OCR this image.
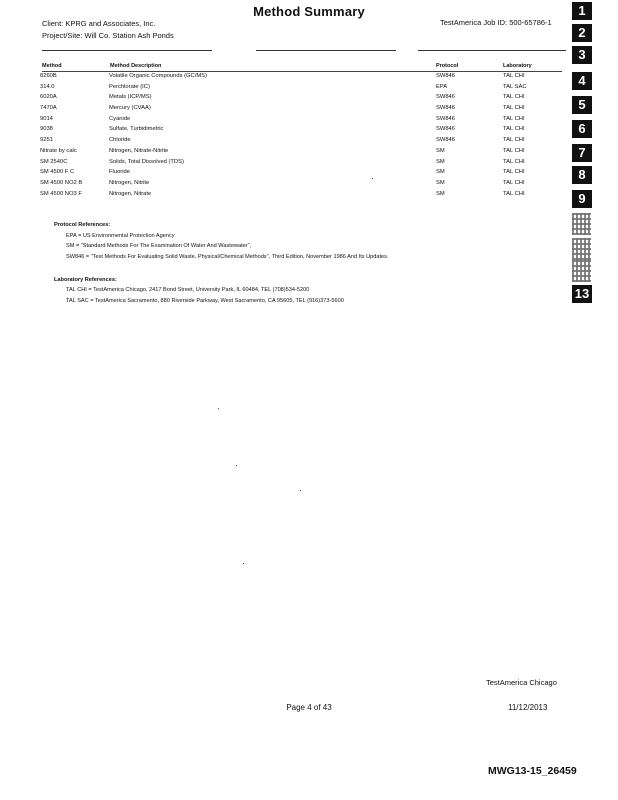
Method Summary
Client: KPRG and Associates, Inc.
Project/Site: Will Co. Station Ash Ponds
TestAmerica Job ID: 500-65786-1
Method	Method Description	Protocol	Laboratory
8260B	Volatile Organic Compounds (GC/MS)	SW846	TAL CHI
314.0	Perchlorate (IC)	EPA	TAL SAC
6020A	Metals (ICP/MS)	SW846	TAL CHI
7470A	Mercury (CVAA)	SW846	TAL CHI
9014	Cyanide	SW846	TAL CHI
9038	Sulfate, Turbidimetric	SW846	TAL CHI
9251	Chloride	SW846	TAL CHI
Nitrate by calc	Nitrogen, Nitrate-Nitrite	SM	TAL CHI
SM 2540C	Solids, Total Dissolved (TDS)	SM	TAL CHI
SM 4500 F C	Fluoride	SM	TAL CHI
SM 4500 NO2 B	Nitrogen, Nitrite	SM	TAL CHI
SM 4500 NO3 F	Nitrogen, Nitrate	SM	TAL CHI
Protocol References:
EPA = US Environmental Protection Agency
SM = "Standard Methods For The Examination Of Water And Wastewater",
SW846 = "Test Methods For Evaluating Solid Waste, Physical/Chemical Methods", Third Edition, November 1986 And Its Updates.
Laboratory References:
TAL CHI = TestAmerica Chicago, 2417 Bond Street, University Park, IL 60484, TEL (708)534-5200
TAL SAC = TestAmerica Sacramento, 880 Riverside Parkway, West Sacramento, CA 95605, TEL (916)373-5600
TestAmerica Chicago
Page 4 of 43	11/12/2013
MWG13-15_26459
1
2
3
4
5
6
7
8
9
13
